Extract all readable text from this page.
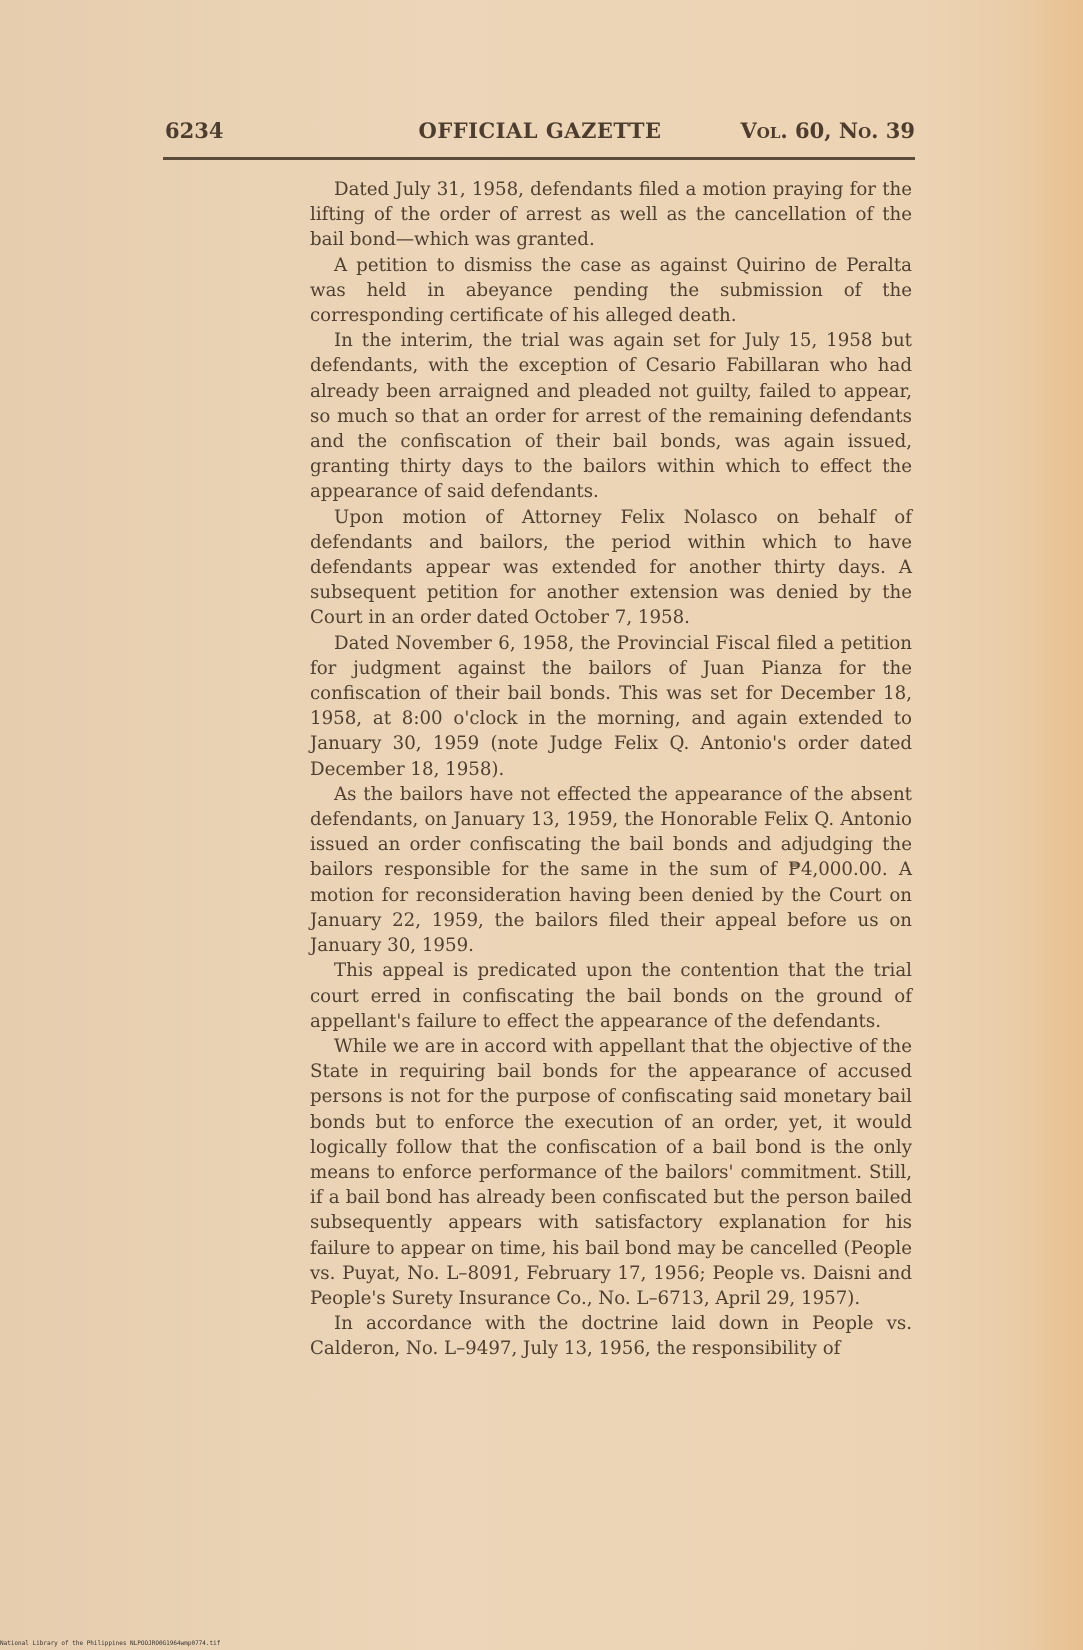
6234	OFFICIAL GAZETTE	Vol. 60, No. 39

Dated July 31, 1958, defendants filed a motion praying for the lifting of the order of arrest as well as the cancellation of the bail bond—which was granted.

A petition to dismiss the case as against Quirino de Peralta was held in abeyance pending the submission of the corresponding certificate of his alleged death.

In the interim, the trial was again set for July 15, 1958 but defendants, with the exception of Cesario Fabillaran who had already been arraigned and pleaded not guilty, failed to appear, so much so that an order for arrest of the remaining defendants and the confiscation of their bail bonds, was again issued, granting thirty days to the bailors within which to effect the appearance of said defendants.

Upon motion of Attorney Felix Nolasco on behalf of defendants and bailors, the period within which to have defendants appear was extended for another thirty days. A subsequent petition for another extension was denied by the Court in an order dated October 7, 1958.

Dated November 6, 1958, the Provincial Fiscal filed a petition for judgment against the bailors of Juan Pianza for the confiscation of their bail bonds. This was set for December 18, 1958, at 8:00 o'clock in the morning, and again extended to January 30, 1959 (note Judge Felix Q. Antonio's order dated December 18, 1958).

As the bailors have not effected the appearance of the absent defendants, on January 13, 1959, the Honorable Felix Q. Antonio issued an order confiscating the bail bonds and adjudging the bailors responsible for the same in the sum of ₱4,000.00. A motion for reconsideration having been denied by the Court on January 22, 1959, the bailors filed their appeal before us on January 30, 1959.

This appeal is predicated upon the contention that the trial court erred in confiscating the bail bonds on the ground of appellant's failure to effect the appearance of the defendants.

While we are in accord with appellant that the objective of the State in requiring bail bonds for the appearance of accused persons is not for the purpose of confiscating said monetary bail bonds but to enforce the execution of an order, yet, it would logically follow that the confiscation of a bail bond is the only means to enforce performance of the bailors' commitment. Still, if a bail bond has already been confiscated but the person bailed subsequently appears with satisfactory explanation for his failure to appear on time, his bail bond may be cancelled (People vs. Puyat, No. L–8091, February 17, 1956; People vs. Daisni and People's Surety Insurance Co., No. L–6713, April 29, 1957).

In accordance with the doctrine laid down in People vs. Calderon, No. L–9497, July 13, 1956, the responsibility of

National Library of the Philippines NLPOOJRO0G1964wmp0774.tif
